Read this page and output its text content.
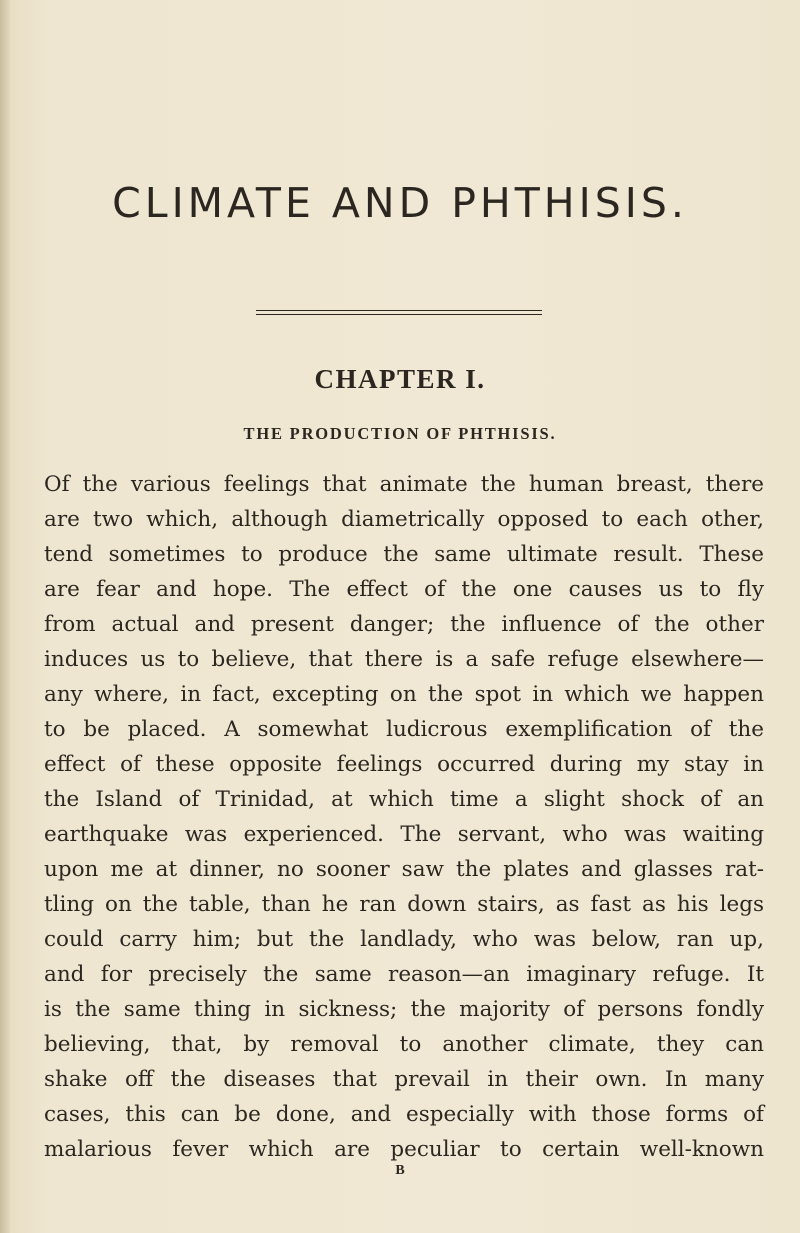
CLIMATE AND PHTHISIS.
CHAPTER I.
THE PRODUCTION OF PHTHISIS.
Of the various feelings that animate the human breast, there
are two which, although diametrically opposed to each other,
tend sometimes to produce the same ultimate result. These
are fear and hope. The effect of the one causes us to fly
from actual and present danger; the influence of the other
induces us to believe, that there is a safe refuge elsewhere—
any where, in fact, excepting on the spot in which we happen
to be placed. A somewhat ludicrous exemplification of the
effect of these opposite feelings occurred during my stay in
the Island of Trinidad, at which time a slight shock of an
earthquake was experienced. The servant, who was waiting
upon me at dinner, no sooner saw the plates and glasses rat-
tling on the table, than he ran down stairs, as fast as his legs
could carry him; but the landlady, who was below, ran up,
and for precisely the same reason—an imaginary refuge. It
is the same thing in sickness; the majority of persons fondly
believing, that, by removal to another climate, they can
shake off the diseases that prevail in their own. In many
cases, this can be done, and especially with those forms of
malarious fever which are peculiar to certain well-known
B
